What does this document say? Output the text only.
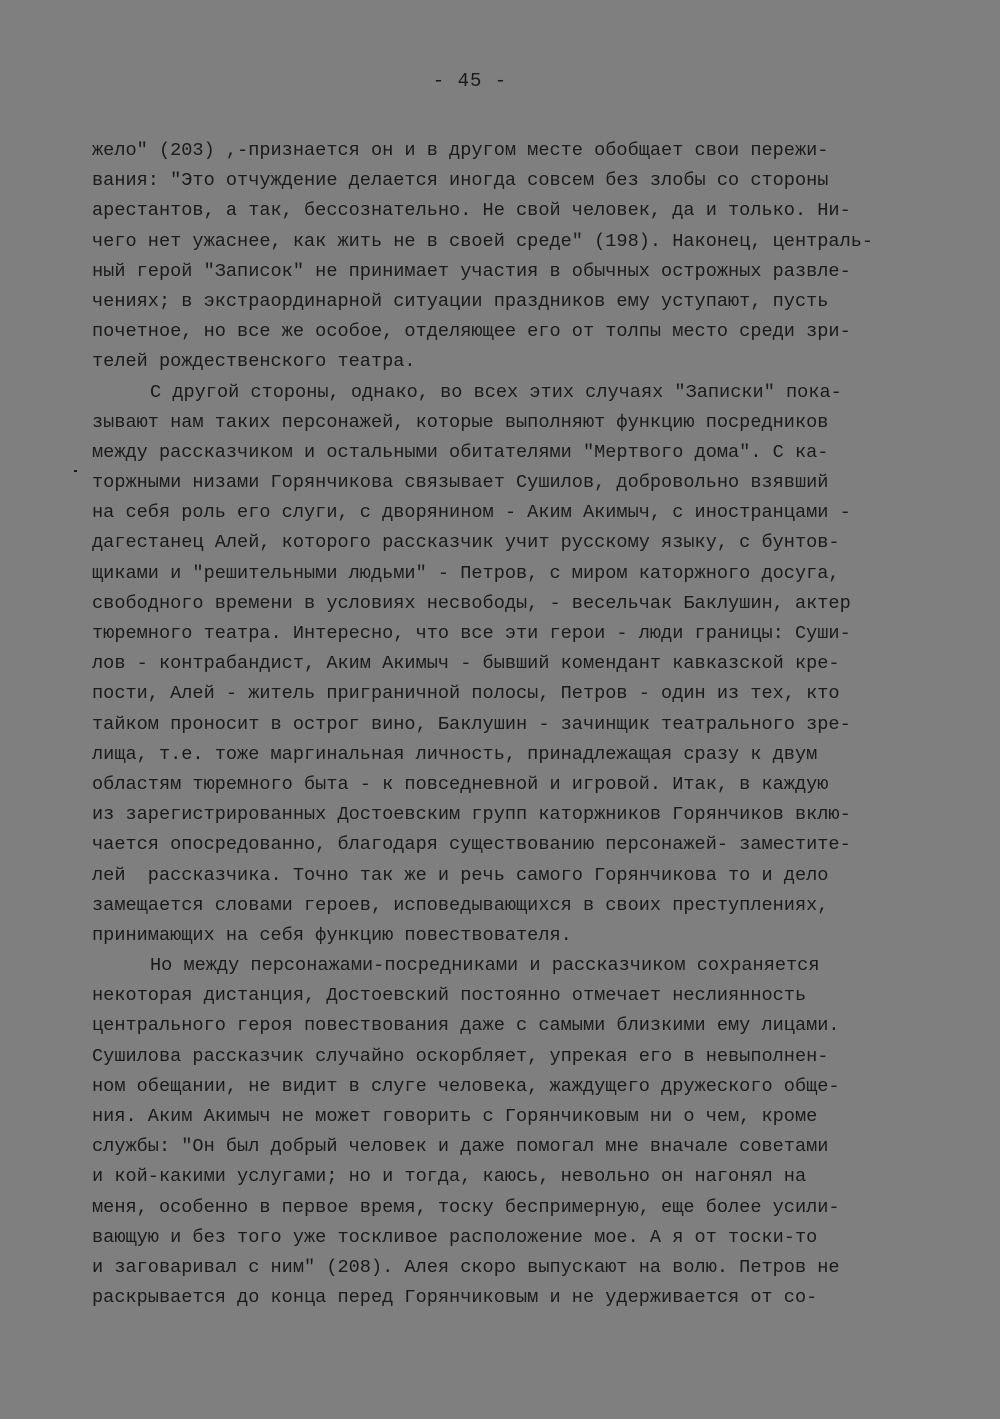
- 45 -
жело" (203) ,-признается он и в другом месте обобщает свои пережи-
вания: "Это отчуждение делается иногда совсем без злобы со стороны
арестантов, а так, бессознательно. Не свой человек, да и только. Ни-
чего нет ужаснее, как жить не в своей среде" (198). Наконец, централь-
ный герой "Записок" не принимает участия в обычных острожных развле-
чениях; в экстраординарной ситуации праздников ему уступают, пусть
почетное, но все же особое, отделяющее его от толпы место среди зри-
телей рождественского театра.
С другой стороны, однако, во всех этих случаях "Записки" пока-
зывают нам таких персонажей, которые выполняют функцию посредников
между рассказчиком и остальными обитателями "Мертвого дома". С ка-
торжными низами Горянчикова связывает Сушилов, добровольно взявший
на себя роль его слуги, с дворянином - Аким Акимыч, с иностранцами -
дагестанец Алей, которого рассказчик учит русскому языку, с бунтов-
щиками и "решительными людьми" - Петров, с миром каторжного досуга,
свободного времени в условиях несвободы, - весельчак Баклушин, актер
тюремного театра. Интересно, что все эти герои - люди границы: Суши-
лов - контрабандист, Аким Акимыч - бывший комендант кавказской кре-
пости, Алей - житель приграничной полосы, Петров - один из тех, кто
тайком проносит в острог вино, Баклушин - зачинщик театрального зре-
лища, т.е. тоже маргинальная личность, принадлежащая сразу к двум
областям тюремного быта - к повседневной и игровой. Итак, в каждую
из зарегистрированных Достоевским групп каторжников Горянчиков вклю-
чается опосредованно, благодаря существованию персонажей- заместите-
лей  рассказчика. Точно так же и речь самого Горянчикова то и дело
замещается словами героев, исповедывающихся в своих преступлениях,
принимающих на себя функцию повествователя.
Но между персонажами-посредниками и рассказчиком сохраняется
некоторая дистанция, Достоевский постоянно отмечает неслиянность
центрального героя повествования даже с самыми близкими ему лицами.
Сушилова рассказчик случайно оскорбляет, упрекая его в невыполнен-
ном обещании, не видит в слуге человека, жаждущего дружеского обще-
ния. Аким Акимыч не может говорить с Горянчиковым ни о чем, кроме
службы: "Он был добрый человек и даже помогал мне вначале советами
и кой-какими услугами; но и тогда, каюсь, невольно он нагонял на
меня, особенно в первое время, тоску беспримерную, еще более усили-
вающую и без того уже тоскливое расположение мое. А я от тоски-то
и заговаривал с ним" (208). Алея скоро выпускают на волю. Петров не
раскрывается до конца перед Горянчиковым и не удерживается от со-
